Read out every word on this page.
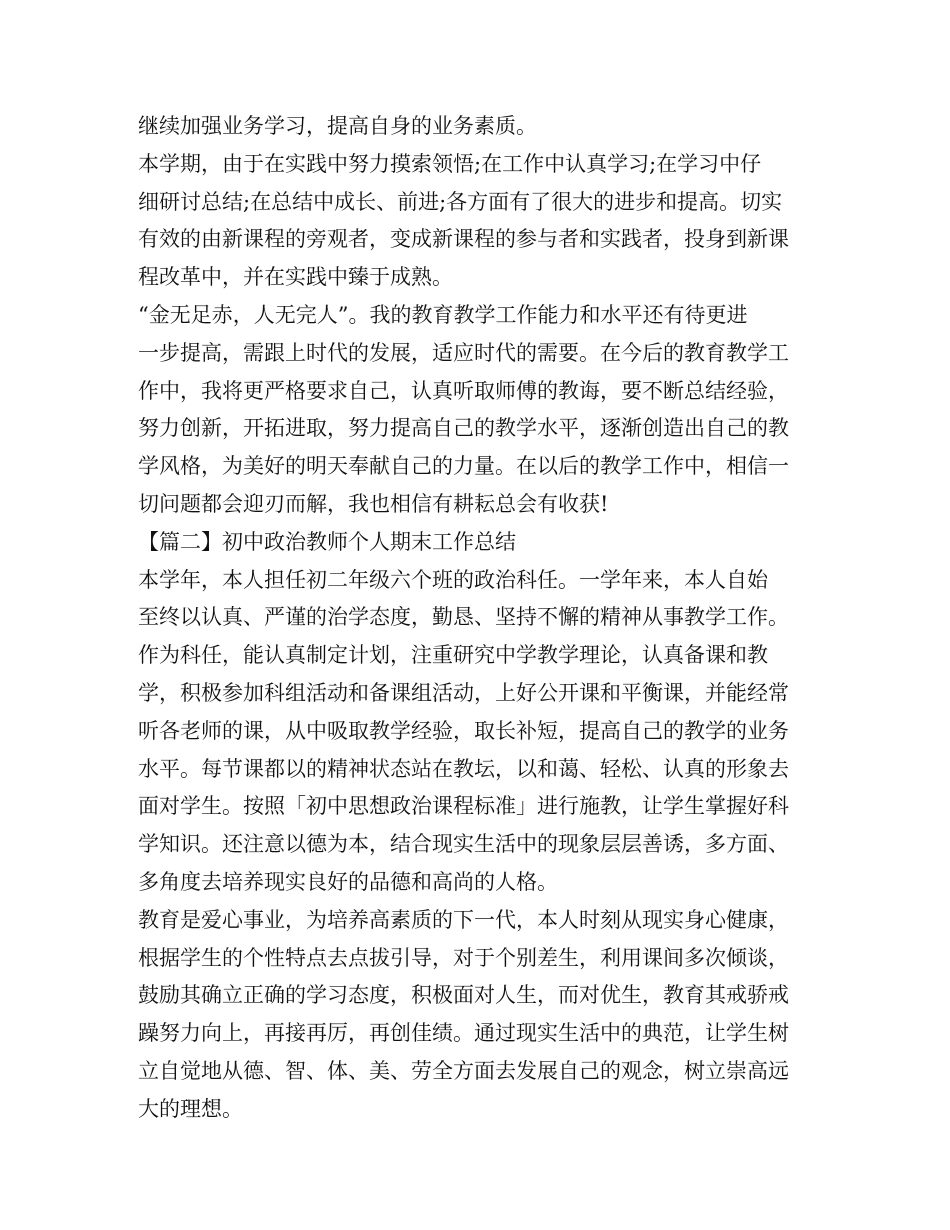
继续加强业务学习，提高自身的业务素质。
本学期，由于在实践中努力摸索领悟;在工作中认真学习;在学习中仔
细研讨总结;在总结中成长、前进;各方面有了很大的进步和提高。切实
有效的由新课程的旁观者，变成新课程的参与者和实践者，投身到新课
程改革中，并在实践中臻于成熟。
“金无足赤，人无完人”。我的教育教学工作能力和水平还有待更进
一步提高，需跟上时代的发展，适应时代的需要。在今后的教育教学工
作中，我将更严格要求自己，认真听取师傅的教诲，要不断总结经验，
努力创新，开拓进取，努力提高自己的教学水平，逐渐创造出自己的教
学风格，为美好的明天奉献自己的力量。在以后的教学工作中，相信一
切问题都会迎刃而解，我也相信有耕耘总会有收获!
【篇二】初中政治教师个人期末工作总结
本学年，本人担任初二年级六个班的政治科任。一学年来，本人自始
至终以认真、严谨的治学态度，勤恳、坚持不懈的精神从事教学工作。
作为科任，能认真制定计划，注重研究中学教学理论，认真备课和教
学，积极参加科组活动和备课组活动，上好公开课和平衡课，并能经常
听各老师的课，从中吸取教学经验，取长补短，提高自己的教学的业务
水平。每节课都以的精神状态站在教坛，以和蔼、轻松、认真的形象去
面对学生。按照「初中思想政治课程标准」进行施教，让学生掌握好科
学知识。还注意以德为本，结合现实生活中的现象层层善诱，多方面、
多角度去培养现实良好的品德和高尚的人格。
教育是爱心事业，为培养高素质的下一代，本人时刻从现实身心健康，
根据学生的个性特点去点拔引导，对于个别差生，利用课间多次倾谈，
鼓励其确立正确的学习态度，积极面对人生，而对优生，教育其戒骄戒
躁努力向上，再接再厉，再创佳绩。通过现实生活中的典范，让学生树
立自觉地从德、智、体、美、劳全方面去发展自己的观念，树立崇高远
大的理想。
